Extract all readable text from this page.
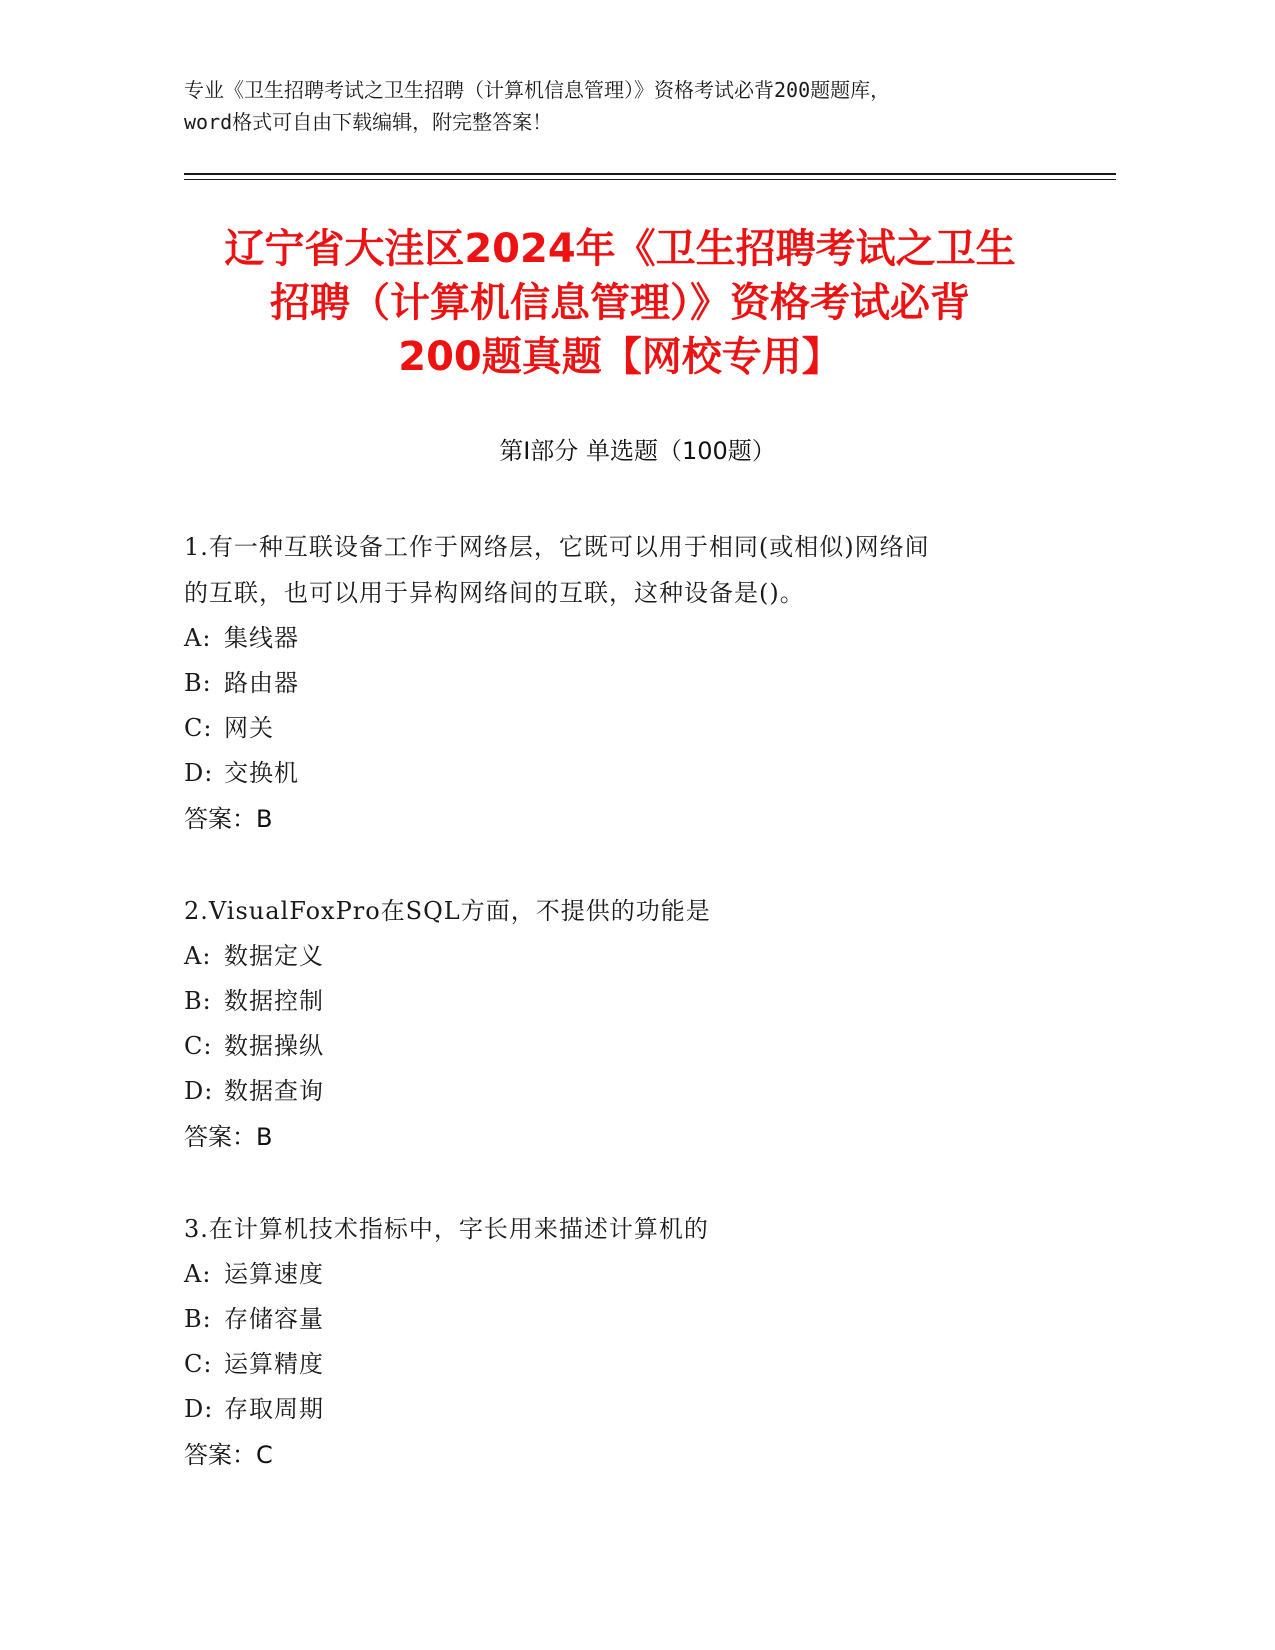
专业《卫生招聘考试之卫生招聘（计算机信息管理）》资格考试必背200题题库，
word格式可自由下载编辑，附完整答案！
辽宁省大洼区2024年《卫生招聘考试之卫生
招聘（计算机信息管理）》资格考试必背
200题真题【网校专用】
第Ⅰ部分 单选题（100题）
1.有一种互联设备工作于网络层，它既可以用于相同(或相似)网络间
的互联，也可以用于异构网络间的互联，这种设备是()。
A: 集线器
B: 路由器
C: 网关
D: 交换机
答案：B
2.VisualFoxPro在SQL方面，不提供的功能是
A: 数据定义
B: 数据控制
C: 数据操纵
D: 数据查询
答案：B
3.在计算机技术指标中，字长用来描述计算机的
A: 运算速度
B: 存储容量
C: 运算精度
D: 存取周期
答案：C
